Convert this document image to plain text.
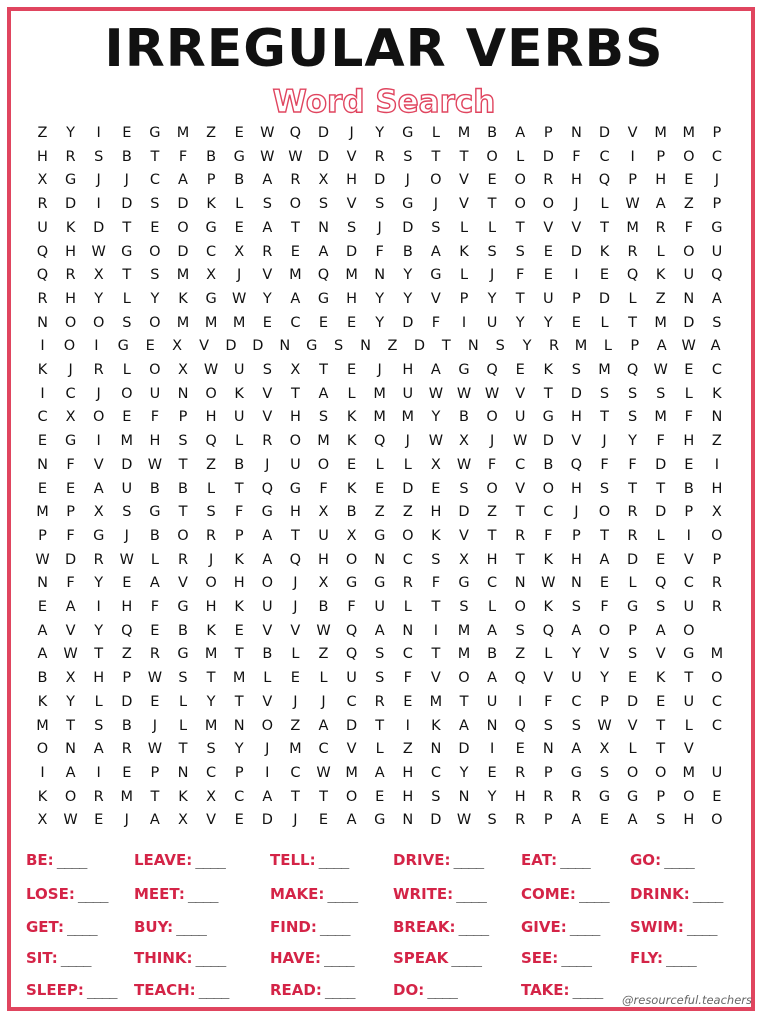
IRREGULAR VERBS
Word Search
Z	Y	I	E	G	M	Z	E	W	Q	D	J	Y	G	L	M	B	A	P	N	D	V	M	M	P
H	R	S	B	T	F	B	G	W W	D	V	R	S	T	T	O	L	D	F	C	I	P	O	C
X	G	J	J	C	A	P	B	A	R	X	H	D	J	O	V	E	O	R	H	Q	P	H	E	J
R	D	I	D	S	D	K	L	S	O	S	V	S	G	J	V	T	O	O	J	L	W	A	Z	P
U	K	D	T	E	O	G	E	A	T	N	S	J	D	S	L	L	T	V	V	T	M	R	F	G
Q	H	W	G	O	D	C	X	R	E	A	D	F	B	A	K	S	S	E	D	K	R	L	O	U
Q	R	X	T	S	M	X	J	V	M	Q	M	N	Y	G	L	J	F	E	I	E	Q	K	U	Q
R	H	Y	L	Y	K	G	W	Y	A	G	H	Y	Y	V	P	Y	T	U	P	D	L	Z	N	A
N	O	O	S	O	M	M	M	E	C	E	E	Y	D	F	I	U	Y	Y	E	L	T	M	D	S
I	O	I	G	E	X	V	D	D	N	G	S	N	Z	D	T	N	S	Y	R	M	L	P	A	W	A
K	J	R	L	O	X	W	U	S	X	T	E	J	H	A	G	Q	E	K	S	M	Q	W	E	C
I	C	J	O	U	N	O	K	V	T	A	L	M	U	W W W	V	T	D	S	S	S	L	K
C	X	O	E	F	P	H	U	V	H	S	K	M	M	Y	B	O	U	G	H	T	S	M	F	N
E	G	I	M	H	S	Q	L	R	O	M	K	Q	J	W	X	J	W	D	V	J	Y	F	H	Z
N	F	V	D	W	T	Z	B	J	U	O	E	L	L	X	W	F	C	B	Q	F	F	D	E	I
E	E	A	U	B	B	L	T	Q	G	F	K	E	D	E	S	O	V	O	H	S	T	T	B	H
M	P	X	S	G	T	S	F	G	H	X	B	Z	Z	H	D	Z	T	C	J	O	R	D	P	X
P	F	G	J	B	O	R	P	A	T	U	X	G	O	K	V	T	R	F	P	T	R	L	I	O
W	D	R	W	L	R	J	K	A	Q	H	O	N	C	S	X	H	T	K	H	A	D	E	V	P
N	F	Y	E	A	V	O	H	O	J	X	G	G	R	F	G	C	N	W	N	E	L	Q	C	R
E	A	I	H	F	G	H	K	U	J	B	F	U	L	T	S	L	O	K	S	F	G	S	U	R
A	V	Y	Q	E	B	K	E	V	V	W	Q	A	N	I	M	A	S	Q	A	O	P	A	O
A	W	T	Z	R	G	M	T	B	L	Z	Q	S	C	T	M	B	Z	L	Y	V	S	V	G	M
B	X	H	P	W	S	T	M	L	E	L	U	S	F	V	O	A	Q	V	U	Y	E	K	T	O
K	Y	L	D	E	L	Y	T	V	J	J	C	R	E	M	T	U	I	F	C	P	D	E	U	C
M	T	S	B	J	L	M	N	O	Z	A	D	T	I	K	A	N	Q	S	S	W	V	T	L	C
O	N	A	R	W	T	S	Y	J	M	C	V	L	Z	N	D	I	E	N	A	X	L	T	V
I	A	I	E	P	N	C	P	I	C	W	M	A	H	C	Y	E	R	P	G	S	O	O	M	U
K	O	R	M	T	K	X	C	A	T	T	O	E	H	S	N	Y	H	R	R	G	G	P	O	E
X	W	E	J	A	X	V	E	D	J	E	A	G	N	D	W	S	R	P	A	E	A	S	H	O
BE: ____	LEAVE: ____	TELL: ____	DRIVE: ____	EAT: ____	GO: ____
LOSE: ____ MEET: ____	MAKE: ____ WRITE: ____ COME: ____ DRINK: ____
GET: ____ BUY: ____	FIND: ____	BREAK: ____ GIVE: ____ SWIM: ____
SIT: ____	THINK: ____	HAVE: ____	SPEAK ____	SEE: ____	FLY: ____
SLEEP: ____ TEACH: ____	READ: ____	DO: ____	TAKE: ____
@resourceful.teachers
